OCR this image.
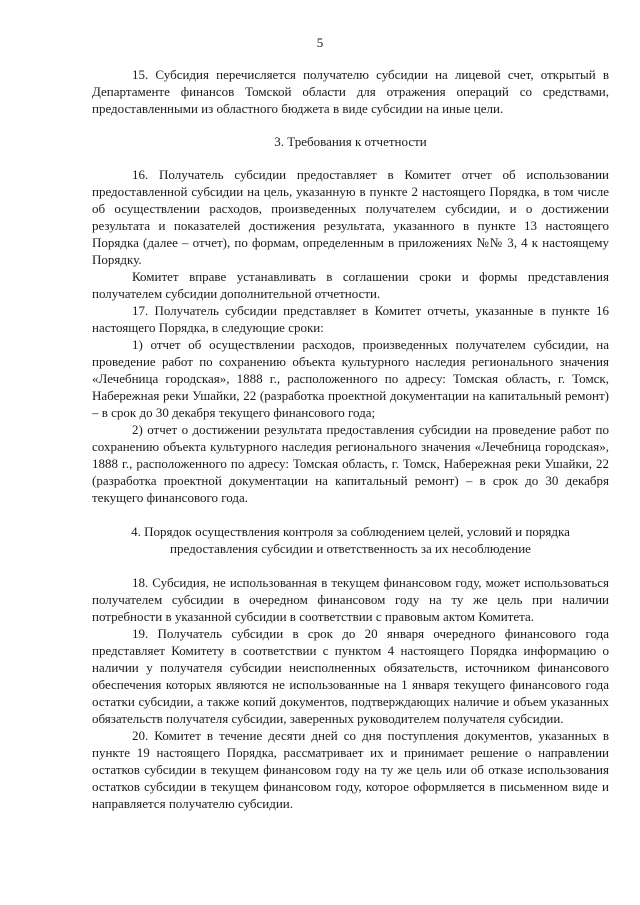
5

15. Субсидия перечисляется получателю субсидии на лицевой счет, открытый в Департаменте финансов Томской области для отражения операций со средствами, предоставленными из областного бюджета в виде субсидии на иные цели.

3. Требования к отчетности

16. Получатель субсидии предоставляет в Комитет отчет об использовании предоставленной субсидии на цель, указанную в пункте 2 настоящего Порядка, в том числе об осуществлении расходов, произведенных получателем субсидии, и о достижении результата и показателей достижения результата, указанного в пункте 13 настоящего Порядка (далее – отчет), по формам, определенным в приложениях №№ 3, 4 к настоящему Порядку.

Комитет вправе устанавливать в соглашении сроки и формы представления получателем субсидии дополнительной отчетности.

17. Получатель субсидии представляет в Комитет отчеты, указанные в пункте 16 настоящего Порядка, в следующие сроки:

1) отчет об осуществлении расходов, произведенных получателем субсидии, на проведение работ по сохранению объекта культурного наследия регионального значения «Лечебница городская», 1888 г., расположенного по адресу: Томская область, г. Томск, Набережная реки Ушайки, 22 (разработка проектной документации на капитальный ремонт) – в срок до 30 декабря текущего финансового года;

2) отчет о достижении результата предоставления субсидии на проведение работ по сохранению объекта культурного наследия регионального значения «Лечебница городская», 1888 г., расположенного по адресу: Томская область, г. Томск, Набережная реки Ушайки, 22 (разработка проектной документации на капитальный ремонт) – в срок до 30 декабря текущего финансового года.

4. Порядок осуществления контроля за соблюдением целей, условий и порядка предоставления субсидии и ответственность за их несоблюдение

18. Субсидия, не использованная в текущем финансовом году, может использоваться получателем субсидии в очередном финансовом году на ту же цель при наличии потребности в указанной субсидии в соответствии с правовым актом Комитета.

19. Получатель субсидии в срок до 20 января очередного финансового года представляет Комитету в соответствии с пунктом 4 настоящего Порядка информацию о наличии у получателя субсидии неисполненных обязательств, источником финансового обеспечения которых являются не использованные на 1 января текущего финансового года остатки субсидии, а также копий документов, подтверждающих наличие и объем указанных обязательств получателя субсидии, заверенных руководителем получателя субсидии.

20. Комитет в течение десяти дней со дня поступления документов, указанных в пункте 19 настоящего Порядка, рассматривает их и принимает решение о направлении остатков субсидии в текущем финансовом году на ту же цель или об отказе использования остатков субсидии в текущем финансовом году, которое оформляется в письменном виде и направляется получателю субсидии.
